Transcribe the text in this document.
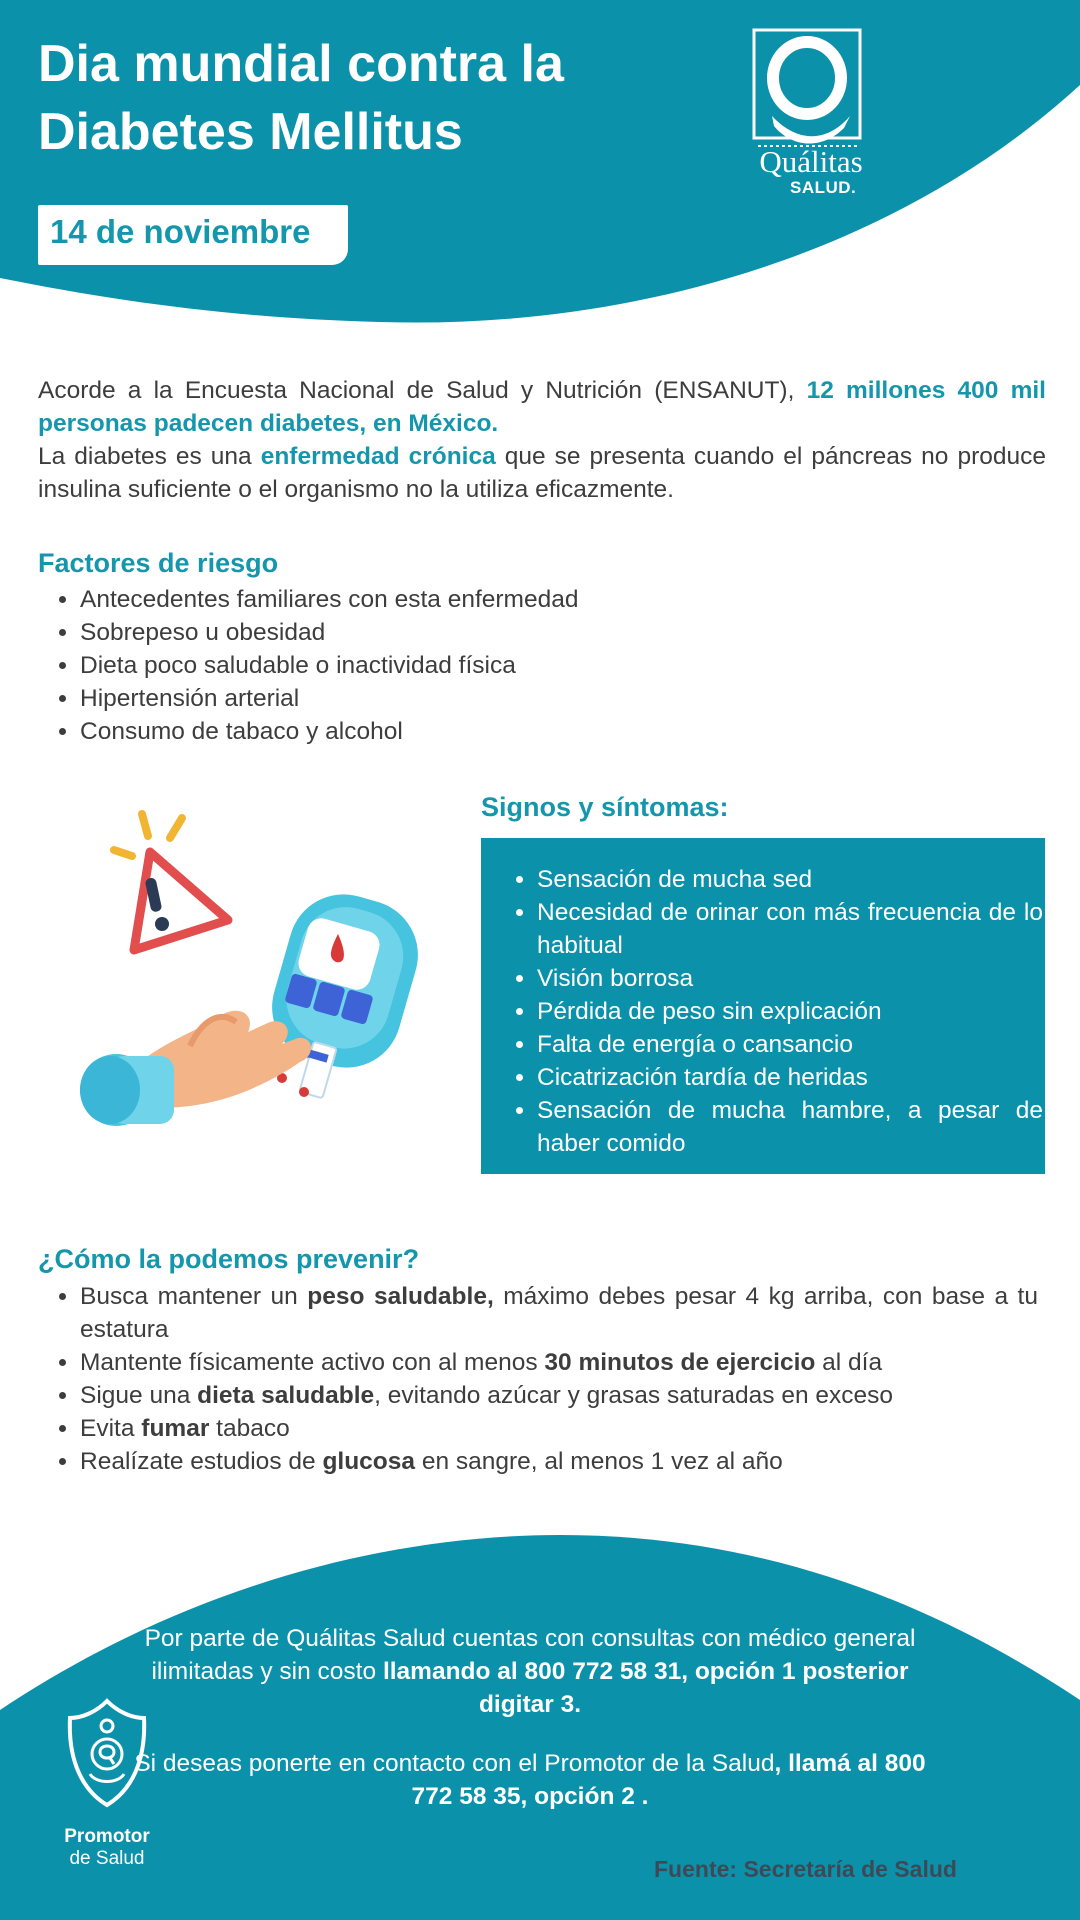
Dia mundial contra la
Diabetes Mellitus
14 de noviembre
Quálitas
SALUD.

Acorde a la Encuesta Nacional de Salud y Nutrición (ENSANUT), 12 millones 400 mil personas padecen diabetes, en México.
La diabetes es una enfermedad crónica que se presenta cuando el páncreas no produce insulina suficiente o el organismo no la utiliza eficazmente.

Factores de riesgo
• Antecedentes familiares con esta enfermedad
• Sobrepeso u obesidad
• Dieta poco saludable o inactividad física
• Hipertensión arterial
• Consumo de tabaco y alcohol
Signos y síntomas:
• Sensación de mucha sed
• Necesidad de orinar con más frecuencia de lo habitual
• Visión borrosa
• Pérdida de peso sin explicación
• Falta de energía o cansancio
• Cicatrización tardía de heridas
• Sensación de mucha hambre, a pesar de haber comido
¿Cómo la podemos prevenir?
• Busca mantener un peso saludable, máximo debes pesar 4 kg arriba, con base a tu estatura
• Mantente físicamente activo con al menos 30 minutos de ejercicio al día
• Sigue una dieta saludable, evitando azúcar y grasas saturadas en exceso
• Evita fumar tabaco
• Realízate estudios de glucosa en sangre, al menos 1 vez al año

Por parte de Quálitas Salud cuentas con consultas con médico general ilimitadas y sin costo llamando al 800 772 58 31, opción 1 posterior digitar 3.

Si deseas ponerte en contacto con el Promotor de la Salud, llamá al 800 772 58 35, opción 2 .

Promotor
de Salud	Fuente: Secretaría de Salud
